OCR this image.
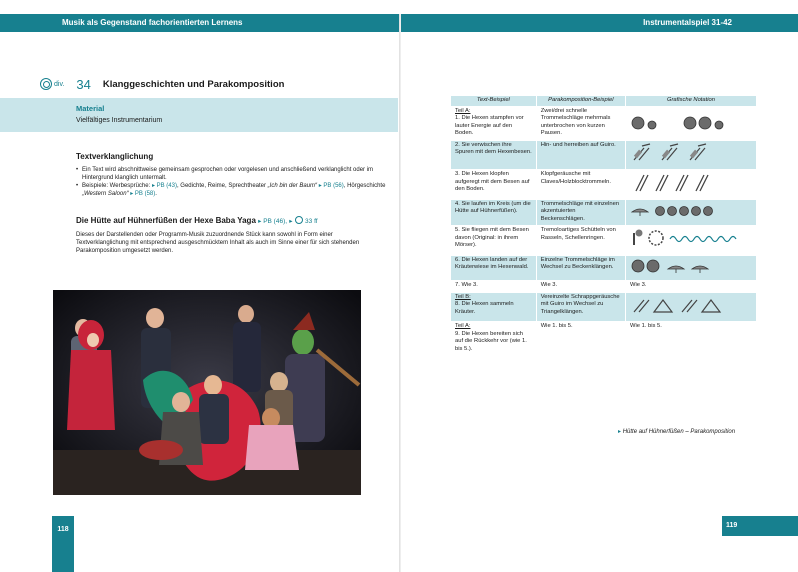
Musik als Gegenstand fachorientierten Lernens	Instrumentalspiel 31-42
div. 34 Klanggeschichten und Parakomposition
Material
Vielfältiges Instrumentarium
Textverklanglichung
• Ein Text wird abschnittweise gemeinsam gesprochen oder vorgelesen und anschließend verklanglicht oder im Hintergrund klanglich untermalt.
• Beispiele: Werbesprüche: ▸ PB (43), Gedichte, Reime, Sprechtheater „Ich bin der Baum“ ▸ PB (56), Hörgeschichte „Western Saloon“ ▸ PB (58).
Die Hütte auf Hühnerfüßen der Hexe Baba Yaga ▸ PB (46), ▸ 33 ff
Dieses der Darstellenden oder Programm-Musik zuzuordnende Stück kann sowohl in Form einer Textverklanglichung mit entsprechend ausgeschmücktem Inhalt als auch im Sinne einer für sich stehenden Parakomposition umgesetzt werden.
118
119
Text-Beispiel	Parakomposition-Beispiel	Grafische Notation

Teil A:
1. Die Hexen stampfen vor lauter Energie auf den Boden.	Zwei/drei schnelle Trommelschläge mehrmals unterbrochen von kurzen Pausen.	

2. Sie verwischen ihre Spuren mit dem Hexenbesen.	Hin- und herreiben auf Guiro.	
3. Die Hexen klopfen aufgeregt mit dem Besen auf den Boden.	Klopfgeräusche mit Claves/Holzblocktrommeln.	
4. Sie laufen im Kreis (um die Hütte auf Hühnerfüßen).	Trommelschläge mit einzelnen akzentuierten Beckenschlägen.	
5. Sie fliegen mit dem Besen davon (Original: in ihrem Mörser).	Tremoloartiges Schütteln von Rasseln, Schellenringen.	
6. Die Hexen landen auf der Kräuterwiese im Hexenwald.	Einzelne Trommelschläge im Wechsel zu Beckenklängen.	
7. Wie 3.	Wie 3.	Wie 3.

Teil B:
8. Die Hexen sammeln Kräuter.	Vereinzelte Schrappgeräusche mit Guiro im Wechsel zu Triangelklängen.	

Teil A:
9. Die Hexen bereiten sich auf die Rückkehr vor (wie 1. bis 5.).	Wie 1. bis 5.	Wie 1. bis 5.
▸ Hütte auf Hühnerfüßen – Parakomposition
